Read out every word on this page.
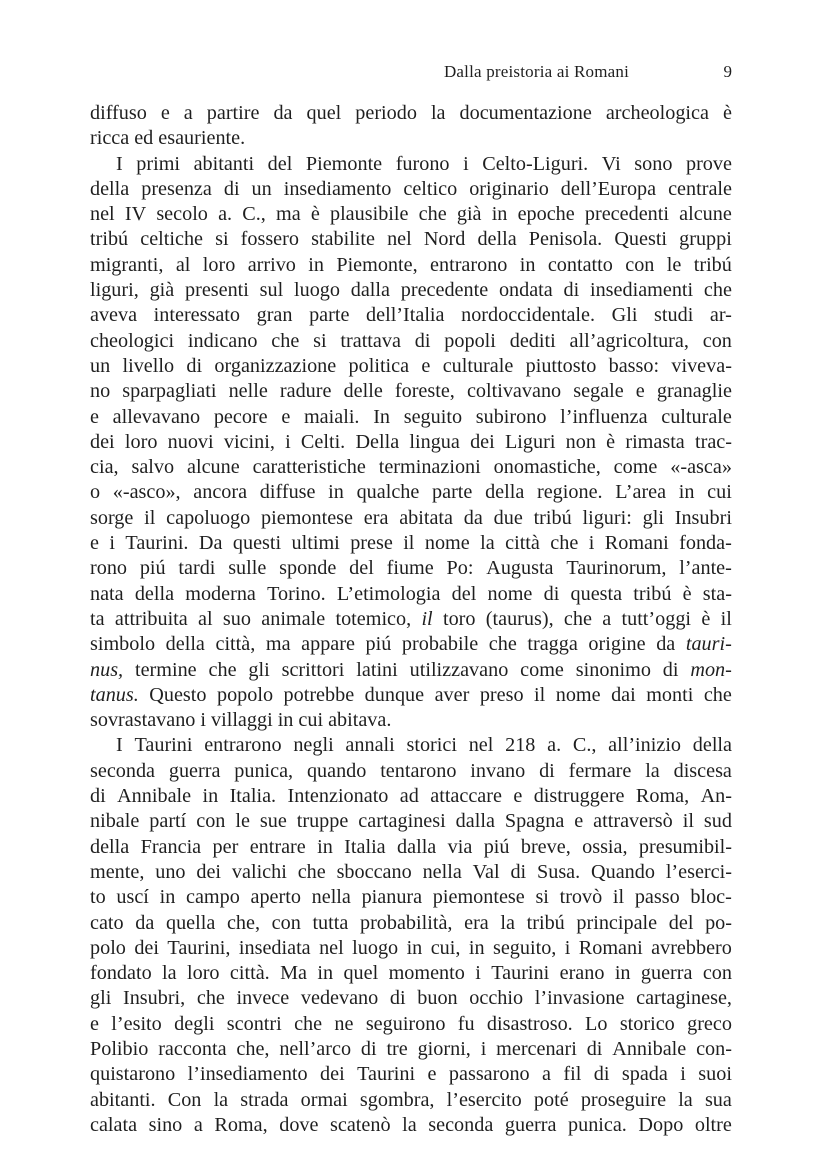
Dalla preistoria ai Romani	9
diffuso e a partire da quel periodo la documentazione archeologica è
ricca ed esauriente.
I primi abitanti del Piemonte furono i Celto-Liguri. Vi sono prove
della presenza di un insediamento celtico originario dell’Europa centrale
nel IV secolo a. C., ma è plausibile che già in epoche precedenti alcune
tribú celtiche si fossero stabilite nel Nord della Penisola. Questi gruppi
migranti, al loro arrivo in Piemonte, entrarono in contatto con le tribú
liguri, già presenti sul luogo dalla precedente ondata di insediamenti che
aveva interessato gran parte dell’Italia nordoccidentale. Gli studi ar-
cheologici indicano che si trattava di popoli dediti all’agricoltura, con
un livello di organizzazione politica e culturale piuttosto basso: viveva-
no sparpagliati nelle radure delle foreste, coltivavano segale e granaglie
e allevavano pecore e maiali. In seguito subirono l’influenza culturale
dei loro nuovi vicini, i Celti. Della lingua dei Liguri non è rimasta trac-
cia, salvo alcune caratteristiche terminazioni onomastiche, come «-asca»
o «-asco», ancora diffuse in qualche parte della regione. L’area in cui
sorge il capoluogo piemontese era abitata da due tribú liguri: gli Insubri
e i Taurini. Da questi ultimi prese il nome la città che i Romani fonda-
rono piú tardi sulle sponde del fiume Po: Augusta Taurinorum, l’ante-
nata della moderna Torino. L’etimologia del nome di questa tribú è sta-
ta attribuita al suo animale totemico, il toro (taurus), che a tutt’oggi è il
simbolo della città, ma appare piú probabile che tragga origine da tauri-
nus, termine che gli scrittori latini utilizzavano come sinonimo di mon-
tanus. Questo popolo potrebbe dunque aver preso il nome dai monti che
sovrastavano i villaggi in cui abitava.
I Taurini entrarono negli annali storici nel 218 a. C., all’inizio della
seconda guerra punica, quando tentarono invano di fermare la discesa
di Annibale in Italia. Intenzionato ad attaccare e distruggere Roma, An-
nibale partí con le sue truppe cartaginesi dalla Spagna e attraversò il sud
della Francia per entrare in Italia dalla via piú breve, ossia, presumibil-
mente, uno dei valichi che sboccano nella Val di Susa. Quando l’eserci-
to uscí in campo aperto nella pianura piemontese si trovò il passo bloc-
cato da quella che, con tutta probabilità, era la tribú principale del po-
polo dei Taurini, insediata nel luogo in cui, in seguito, i Romani avrebbero
fondato la loro città. Ma in quel momento i Taurini erano in guerra con
gli Insubri, che invece vedevano di buon occhio l’invasione cartaginese,
e l’esito degli scontri che ne seguirono fu disastroso. Lo storico greco
Polibio racconta che, nell’arco di tre giorni, i mercenari di Annibale con-
quistarono l’insediamento dei Taurini e passarono a fil di spada i suoi
abitanti. Con la strada ormai sgombra, l’esercito poté proseguire la sua
calata sino a Roma, dove scatenò la seconda guerra punica. Dopo oltre
